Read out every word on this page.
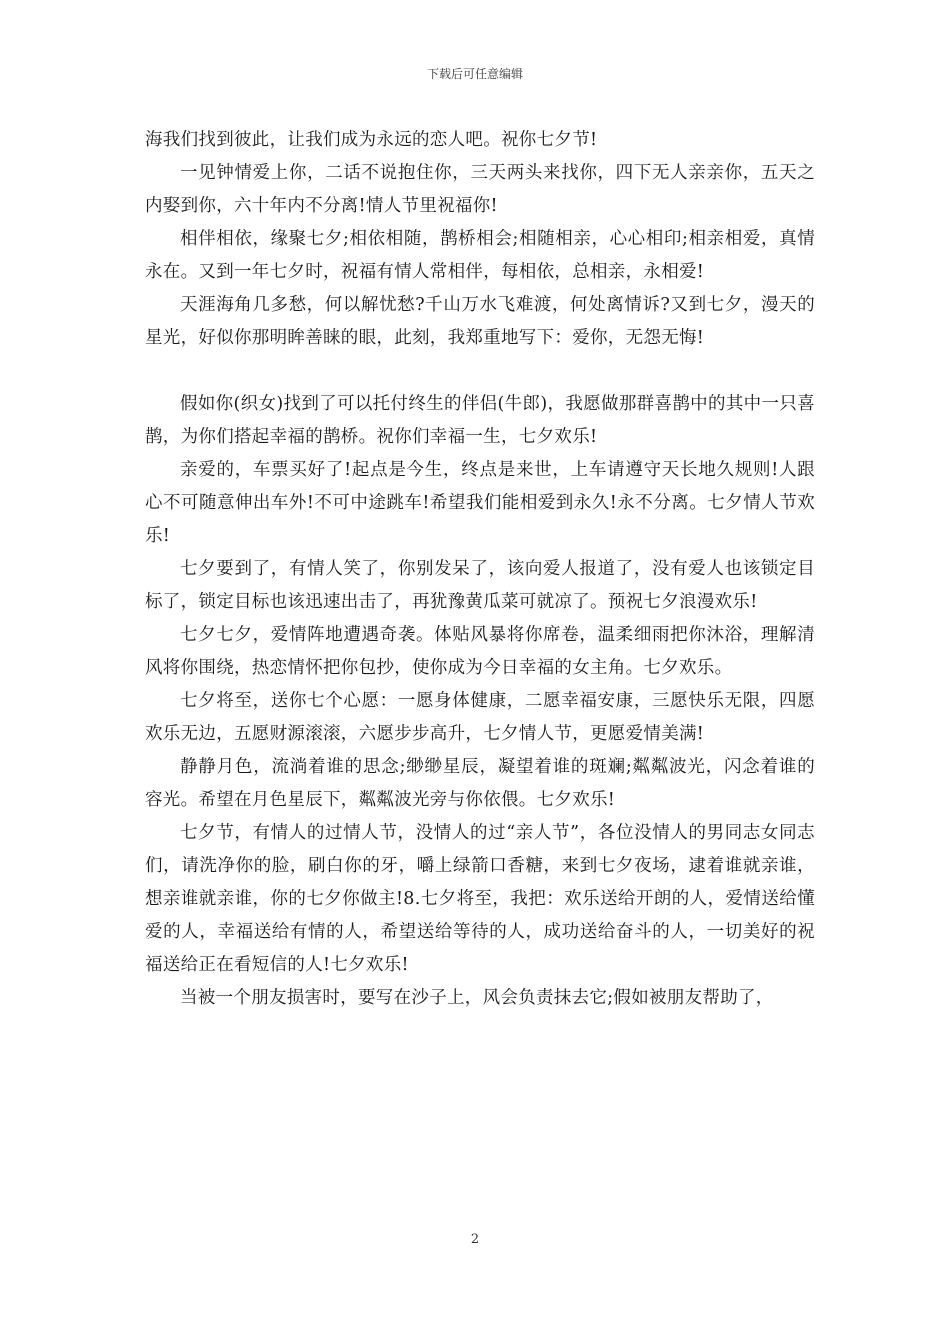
下载后可任意编辑

海我们找到彼此，让我们成为永远的恋人吧。祝你七夕节!

一见钟情爱上你，二话不说抱住你，三天两头来找你，四下无人亲亲你，五天之内娶到你，六十年内不分离!情人节里祝福你!

相伴相依，缘聚七夕;相依相随，鹊桥相会;相随相亲，心心相印;相亲相爱，真情永在。又到一年七夕时，祝福有情人常相伴，每相依，总相亲，永相爱!

天涯海角几多愁，何以解忧愁?千山万水飞难渡，何处离情诉?又到七夕，漫天的星光，好似你那明眸善睐的眼，此刻，我郑重地写下：爱你，无怨无悔!

假如你(织女)找到了可以托付终生的伴侣(牛郎)，我愿做那群喜鹊中的其中一只喜鹊，为你们搭起幸福的鹊桥。祝你们幸福一生，七夕欢乐!

亲爱的，车票买好了!起点是今生，终点是来世，上车请遵守天长地久规则!人跟心不可随意伸出车外!不可中途跳车!希望我们能相爱到永久!永不分离。七夕情人节欢乐!

七夕要到了，有情人笑了，你别发呆了，该向爱人报道了，没有爱人也该锁定目标了，锁定目标也该迅速出击了，再犹豫黄瓜菜可就凉了。预祝七夕浪漫欢乐!

七夕七夕，爱情阵地遭遇奇袭。体贴风暴将你席卷，温柔细雨把你沐浴，理解清风将你围绕，热恋情怀把你包抄，使你成为今日幸福的女主角。七夕欢乐。

七夕将至，送你七个心愿：一愿身体健康，二愿幸福安康，三愿快乐无限，四愿欢乐无边，五愿财源滚滚，六愿步步高升，七夕情人节，更愿爱情美满!

静静月色，流淌着谁的思念;缈缈星辰，凝望着谁的斑斓;粼粼波光，闪念着谁的容光。希望在月色星辰下，粼粼波光旁与你依偎。七夕欢乐!

七夕节，有情人的过情人节，没情人的过“亲人节”，各位没情人的男同志女同志们，请洗净你的脸，刷白你的牙，嚼上绿箭口香糖，来到七夕夜场，逮着谁就亲谁，想亲谁就亲谁，你的七夕你做主!8.七夕将至，我把：欢乐送给开朗的人，爱情送给懂爱的人，幸福送给有情的人，希望送给等待的人，成功送给奋斗的人，一切美好的祝福送给正在看短信的人!七夕欢乐!

当被一个朋友损害时，要写在沙子上，风会负责抹去它;假如被朋友帮助了，

2
